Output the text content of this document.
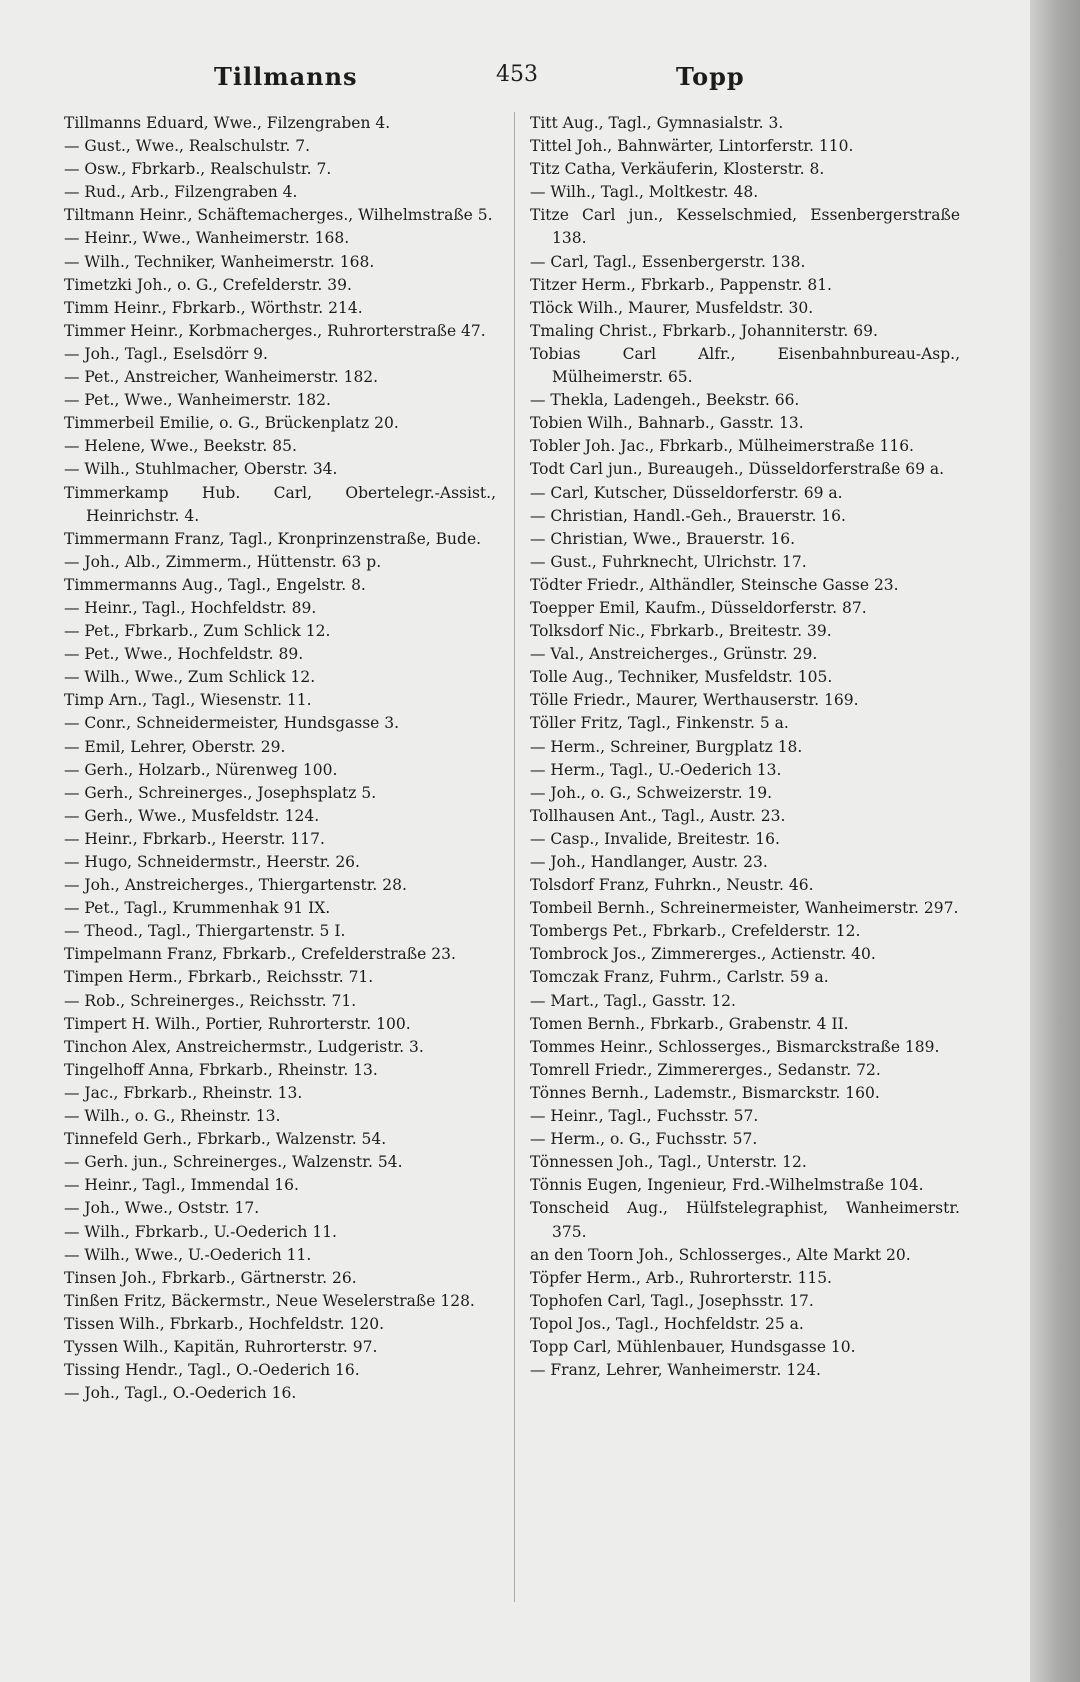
Tillmanns	453	Topp
Tillmanns Eduard, Wwe., Filzengraben 4.
— Gust., Wwe., Realschulstr. 7.
— Osw., Fbrkarb., Realschulstr. 7.
— Rud., Arb., Filzengraben 4.
Tiltmann Heinr., Schäftemacherges., Wilhelmstraße 5.
— Heinr., Wwe., Wanheimerstr. 168.
— Wilh., Techniker, Wanheimerstr. 168.
Timetzki Joh., o. G., Crefelderstr. 39.
Timm Heinr., Fbrkarb., Wörthstr. 214.
Timmer Heinr., Korbmacherges., Ruhrorterstraße 47.
— Joh., Tagl., Eselsdörr 9.
— Pet., Anstreicher, Wanheimerstr. 182.
— Pet., Wwe., Wanheimerstr. 182.
Timmerbeil Emilie, o. G., Brückenplatz 20.
— Helene, Wwe., Beekstr. 85.
— Wilh., Stuhlmacher, Oberstr. 34.
Timmerkamp Hub. Carl, Obertelegr.-Assist., Heinrichstr. 4.
Timmermann Franz, Tagl., Kronprinzenstraße, Bude.
— Joh., Alb., Zimmerm., Hüttenstr. 63 p.
Timmermanns Aug., Tagl., Engelstr. 8.
— Heinr., Tagl., Hochfeldstr. 89.
— Pet., Fbrkarb., Zum Schlick 12.
— Pet., Wwe., Hochfeldstr. 89.
— Wilh., Wwe., Zum Schlick 12.
Timp Arn., Tagl., Wiesenstr. 11.
— Conr., Schneidermeister, Hundsgasse 3.
— Emil, Lehrer, Oberstr. 29.
— Gerh., Holzarb., Nürenweg 100.
— Gerh., Schreinerges., Josephsplatz 5.
— Gerh., Wwe., Musfeldstr. 124.
— Heinr., Fbrkarb., Heerstr. 117.
— Hugo, Schneidermstr., Heerstr. 26.
— Joh., Anstreicherges., Thiergartenstr. 28.
— Pet., Tagl., Krummenhak 91 IX.
— Theod., Tagl., Thiergartenstr. 5 I.
Timpelmann Franz, Fbrkarb., Crefelderstraße 23.
Timpen Herm., Fbrkarb., Reichsstr. 71.
— Rob., Schreinerges., Reichsstr. 71.
Timpert H. Wilh., Portier, Ruhrorterstr. 100.
Tinchon Alex, Anstreichermstr., Ludgeristr. 3.
Tingelhoff Anna, Fbrkarb., Rheinstr. 13.
— Jac., Fbrkarb., Rheinstr. 13.
— Wilh., o. G., Rheinstr. 13.
Tinnefeld Gerh., Fbrkarb., Walzenstr. 54.
— Gerh. jun., Schreinerges., Walzenstr. 54.
— Heinr., Tagl., Immendal 16.
— Joh., Wwe., Oststr. 17.
— Wilh., Fbrkarb., U.-Oederich 11.
— Wilh., Wwe., U.-Oederich 11.
Tinsen Joh., Fbrkarb., Gärtnerstr. 26.
Tinßen Fritz, Bäckermstr., Neue Weselerstraße 128.
Tissen Wilh., Fbrkarb., Hochfeldstr. 120.
Tyssen Wilh., Kapitän, Ruhrorterstr. 97.
Tissing Hendr., Tagl., O.-Oederich 16.
— Joh., Tagl., O.-Oederich 16.
Titt Aug., Tagl., Gymnasialstr. 3.
Tittel Joh., Bahnwärter, Lintorferstr. 110.
Titz Catha, Verkäuferin, Klosterstr. 8.
— Wilh., Tagl., Moltkestr. 48.
Titze Carl jun., Kesselschmied, Essenbergerstraße 138.
— Carl, Tagl., Essenbergerstr. 138.
Titzer Herm., Fbrkarb., Pappenstr. 81.
Tlöck Wilh., Maurer, Musfeldstr. 30.
Tmaling Christ., Fbrkarb., Johanniterstr. 69.
Tobias Carl Alfr., Eisenbahnbureau-Asp., Mülheimerstr. 65.
— Thekla, Ladengeh., Beekstr. 66.
Tobien Wilh., Bahnarb., Gasstr. 13.
Tobler Joh. Jac., Fbrkarb., Mülheimerstraße 116.
Todt Carl jun., Bureaugeh., Düsseldorferstraße 69 a.
— Carl, Kutscher, Düsseldorferstr. 69 a.
— Christian, Handl.-Geh., Brauerstr. 16.
— Christian, Wwe., Brauerstr. 16.
— Gust., Fuhrknecht, Ulrichstr. 17.
Tödter Friedr., Althändler, Steinsche Gasse 23.
Toepper Emil, Kaufm., Düsseldorferstr. 87.
Tolksdorf Nic., Fbrkarb., Breitestr. 39.
— Val., Anstreicherges., Grünstr. 29.
Tolle Aug., Techniker, Musfeldstr. 105.
Tölle Friedr., Maurer, Werthauserstr. 169.
Töller Fritz, Tagl., Finkenstr. 5 a.
— Herm., Schreiner, Burgplatz 18.
— Herm., Tagl., U.-Oederich 13.
— Joh., o. G., Schweizerstr. 19.
Tollhausen Ant., Tagl., Austr. 23.
— Casp., Invalide, Breitestr. 16.
— Joh., Handlanger, Austr. 23.
Tolsdorf Franz, Fuhrkn., Neustr. 46.
Tombeil Bernh., Schreinermeister, Wanheimerstr. 297.
Tombergs Pet., Fbrkarb., Crefelderstr. 12.
Tombrock Jos., Zimmererges., Actienstr. 40.
Tomczak Franz, Fuhrm., Carlstr. 59 a.
— Mart., Tagl., Gasstr. 12.
Tomen Bernh., Fbrkarb., Grabenstr. 4 II.
Tommes Heinr., Schlosserges., Bismarckstraße 189.
Tomrell Friedr., Zimmererges., Sedanstr. 72.
Tönnes Bernh., Lademstr., Bismarckstr. 160.
— Heinr., Tagl., Fuchsstr. 57.
— Herm., o. G., Fuchsstr. 57.
Tönnessen Joh., Tagl., Unterstr. 12.
Tönnis Eugen, Ingenieur, Frd.-Wilhelmstraße 104.
Tonscheid Aug., Hülfstelegraphist, Wanheimerstr. 375.
an den Toorn Joh., Schlosserges., Alte Markt 20.
Töpfer Herm., Arb., Ruhrorterstr. 115.
Tophofen Carl, Tagl., Josephsstr. 17.
Topol Jos., Tagl., Hochfeldstr. 25 a.
Topp Carl, Mühlenbauer, Hundsgasse 10.
— Franz, Lehrer, Wanheimerstr. 124.
